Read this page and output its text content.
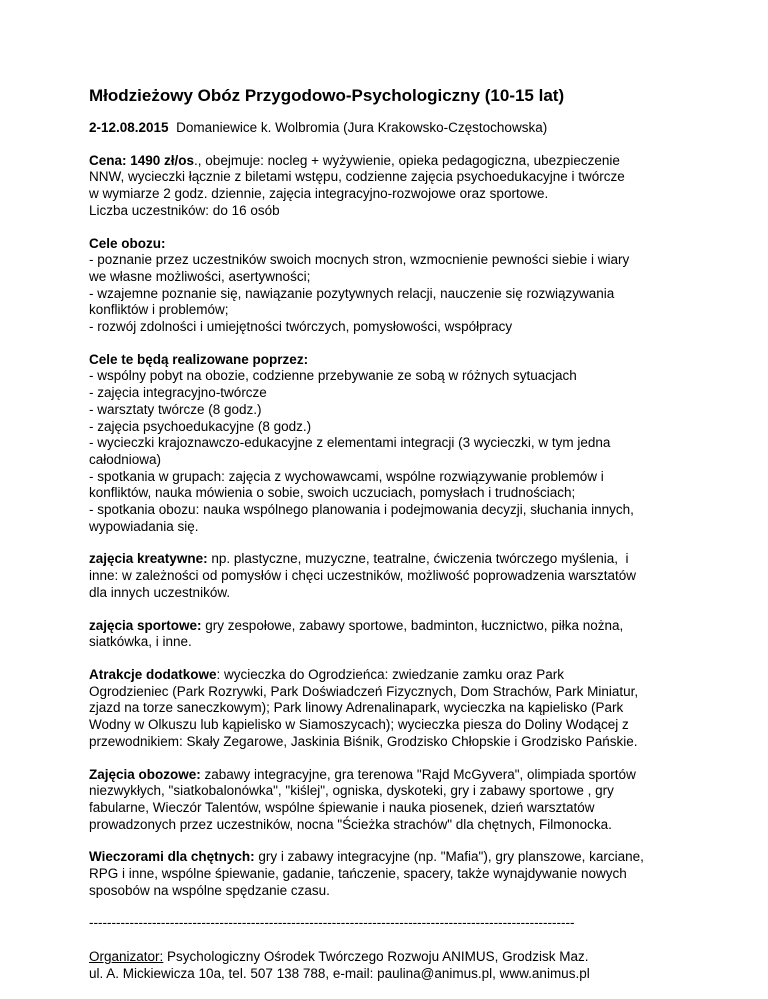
Młodzieżowy Obóz Przygodowo-Psychologiczny (10-15 lat)

2-12.08.2015  Domaniewice k. Wolbromia (Jura Krakowsko-Częstochowska)

Cena: 1490 zł/os., obejmuje: nocleg + wyżywienie, opieka pedagogiczna, ubezpieczenie
NNW, wycieczki łącznie z biletami wstępu, codzienne zajęcia psychoedukacyjne i twórcze
w wymiarze 2 godz. dziennie, zajęcia integracyjno-rozwojowe oraz sportowe.
Liczba uczestników: do 16 osób

Cele obozu:
- poznanie przez uczestników swoich mocnych stron, wzmocnienie pewności siebie i wiary
we własne możliwości, asertywności;
- wzajemne poznanie się, nawiązanie pozytywnych relacji, nauczenie się rozwiązywania
konfliktów i problemów;
- rozwój zdolności i umiejętności twórczych, pomysłowości, współpracy

Cele te będą realizowane poprzez:
- wspólny pobyt na obozie, codzienne przebywanie ze sobą w różnych sytuacjach
- zajęcia integracyjno-twórcze
- warsztaty twórcze (8 godz.)
- zajęcia psychoedukacyjne (8 godz.)
- wycieczki krajoznawczo-edukacyjne z elementami integracji (3 wycieczki, w tym jedna
całodniowa)
- spotkania w grupach: zajęcia z wychowawcami, wspólne rozwiązywanie problemów i
konfliktów, nauka mówienia o sobie, swoich uczuciach, pomysłach i trudnościach;
- spotkania obozu: nauka wspólnego planowania i podejmowania decyzji, słuchania innych,
wypowiadania się.

zajęcia kreatywne: np. plastyczne, muzyczne, teatralne, ćwiczenia twórczego myślenia,  i
inne: w zależności od pomysłów i chęci uczestników, możliwość poprowadzenia warsztatów
dla innych uczestników.

zajęcia sportowe: gry zespołowe, zabawy sportowe, badminton, łucznictwo, piłka nożna,
siatkówka, i inne.

Atrakcje dodatkowe: wycieczka do Ogrodzieńca: zwiedzanie zamku oraz Park
Ogrodzieniec (Park Rozrywki, Park Doświadczeń Fizycznych, Dom Strachów, Park Miniatur,
zjazd na torze saneczkowym); Park linowy Adrenalinapark, wycieczka na kąpielisko (Park
Wodny w Olkuszu lub kąpielisko w Siamoszycach); wycieczka piesza do Doliny Wodącej z
przewodnikiem: Skały Zegarowe, Jaskinia Biśnik, Grodzisko Chłopskie i Grodzisko Pańskie.

Zajęcia obozowe: zabawy integracyjne, gra terenowa "Rajd McGyvera", olimpiada sportów
niezwykłych, "siatkobalonówka", "kiślej", ogniska, dyskoteki, gry i zabawy sportowe , gry
fabularne, Wieczór Talentów, wspólne śpiewanie i nauka piosenek, dzień warsztatów
prowadzonych przez uczestników, nocna "Ścieżka strachów" dla chętnych, Filmonocka.

Wieczorami dla chętnych: gry i zabawy integracyjne (np. "Mafia"), gry planszowe, karciane,
RPG i inne, wspólne śpiewanie, gadanie, tańczenie, spacery, także wynajdywanie nowych
sposobów na wspólne spędzanie czasu.

------------------------------------------------------------------------------------------------------------

Organizator: Psychologiczny Ośrodek Twórczego Rozwoju ANIMUS, Grodzisk Maz.
ul. A. Mickiewicza 10a, tel. 507 138 788, e-mail: paulina@animus.pl, www.animus.pl
